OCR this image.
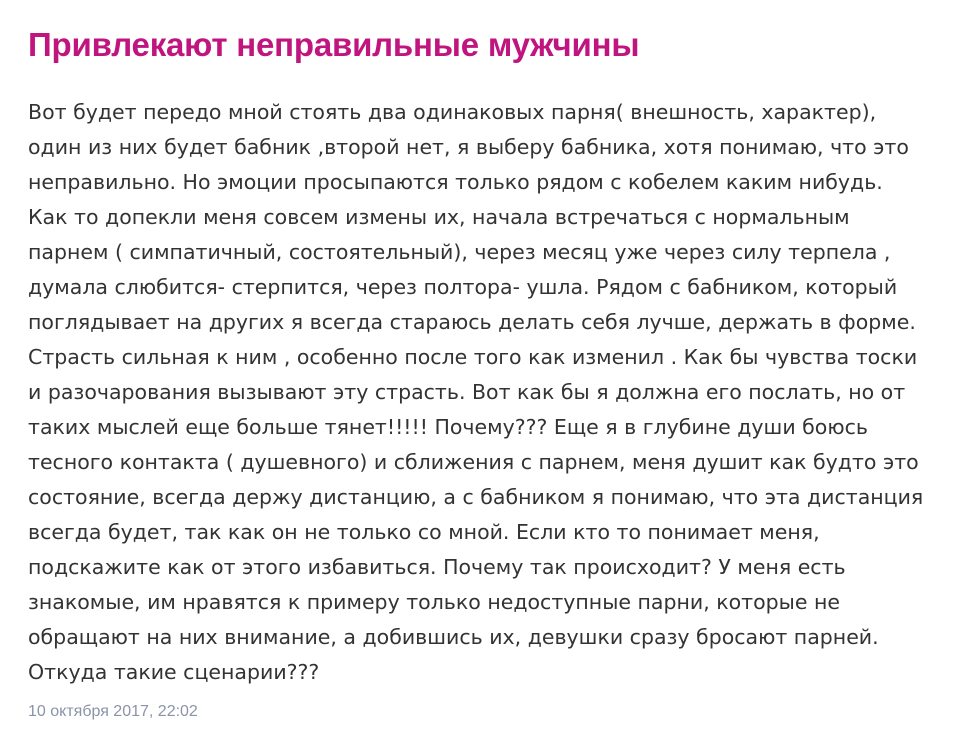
Привлекают неправильные мужчины

Вот будет передо мной стоять два одинаковых парня( внешность, характер),
один из них будет бабник ,второй нет, я выберу бабника, хотя понимаю, что это
неправильно. Но эмоции просыпаются только рядом с кобелем каким нибудь.
Как то допекли меня совсем измены их, начала встречаться с нормальным
парнем ( симпатичный, состоятельный), через месяц уже через силу терпела ,
думала слюбится- стерпится, через полтора- ушла. Рядом с бабником, который
поглядывает на других я всегда стараюсь делать себя лучше, держать в форме.
Страсть сильная к ним , особенно после того как изменил . Как бы чувства тоски
и разочарования вызывают эту страсть. Вот как бы я должна его послать, но от
таких мыслей еще больше тянет!!!!! Почему??? Еще я в глубине души боюсь
тесного контакта ( душевного) и сближения с парнем, меня душит как будто это
состояние, всегда держу дистанцию, а с бабником я понимаю, что эта дистанция
всегда будет, так как он не только со мной. Если кто то понимает меня,
подскажите как от этого избавиться. Почему так происходит? У меня есть
знакомые, им нравятся к примеру только недоступные парни, которые не
обращают на них внимание, а добившись их, девушки сразу бросают парней.
Откуда такие сценарии???

10 октября 2017, 22:02
